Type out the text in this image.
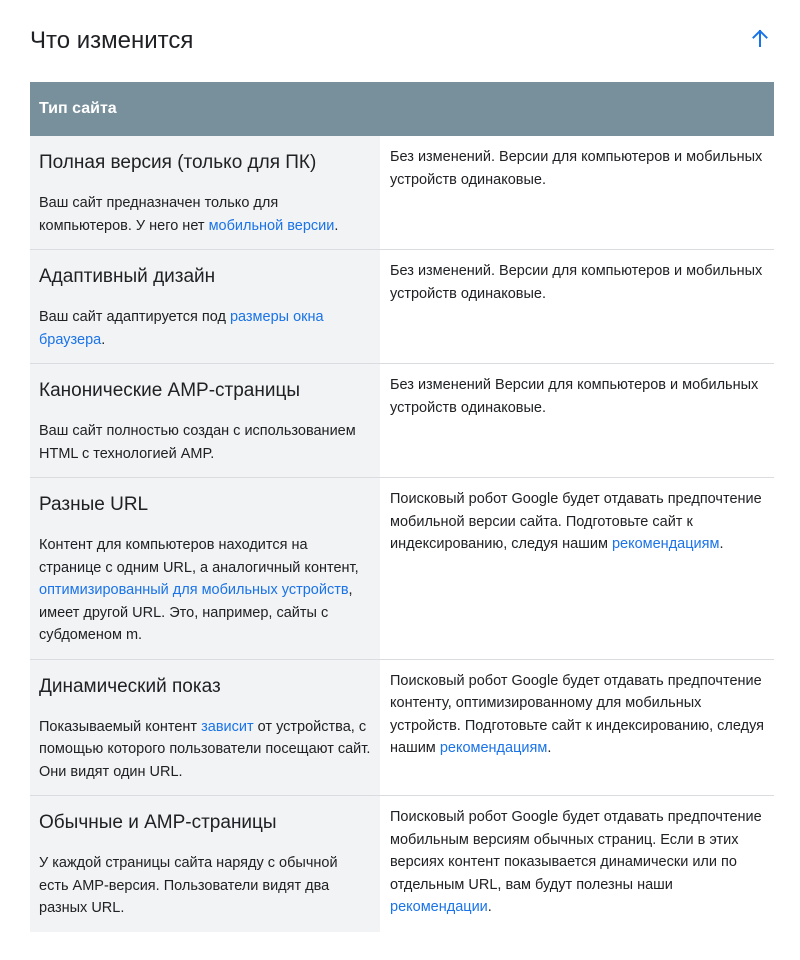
Что изменится
Тип сайта	

Полная версия (только для ПК)
Ваш сайт предназначен только для компьютеров. У него нет мобильной версии.	Без изменений. Версии для компьютеров и мобильных устройств одинаковые.

Адаптивный дизайн
Ваш сайт адаптируется под размеры окна браузера.	Без изменений. Версии для компьютеров и мобильных устройств одинаковые.

Канонические AMP-страницы
Ваш сайт полностью создан с использованием HTML с технологией AMP.	Без изменений Версии для компьютеров и мобильных устройств одинаковые.

Разные URL
Контент для компьютеров находится на странице с одним URL, а аналогичный контент, оптимизированный для мобильных устройств, имеет другой URL. Это, например, сайты с субдоменом m.	Поисковый робот Google будет отдавать предпочтение мобильной версии сайта. Подготовьте сайт к индексированию, следуя нашим рекомендациям.

Динамический показ
Показываемый контент зависит от устройства, с помощью которого пользователи посещают сайт. Они видят один URL.	Поисковый робот Google будет отдавать предпочтение контенту, оптимизированному для мобильных устройств. Подготовьте сайт к индексированию, следуя нашим рекомендациям.

Обычные и AMP-страницы
У каждой страницы сайта наряду с обычной есть AMP-версия. Пользователи видят два разных URL.	Поисковый робот Google будет отдавать предпочтение мобильным версиям обычных страниц. Если в этих версиях контент показывается динамически или по отдельным URL, вам будут полезны наши рекомендации.
